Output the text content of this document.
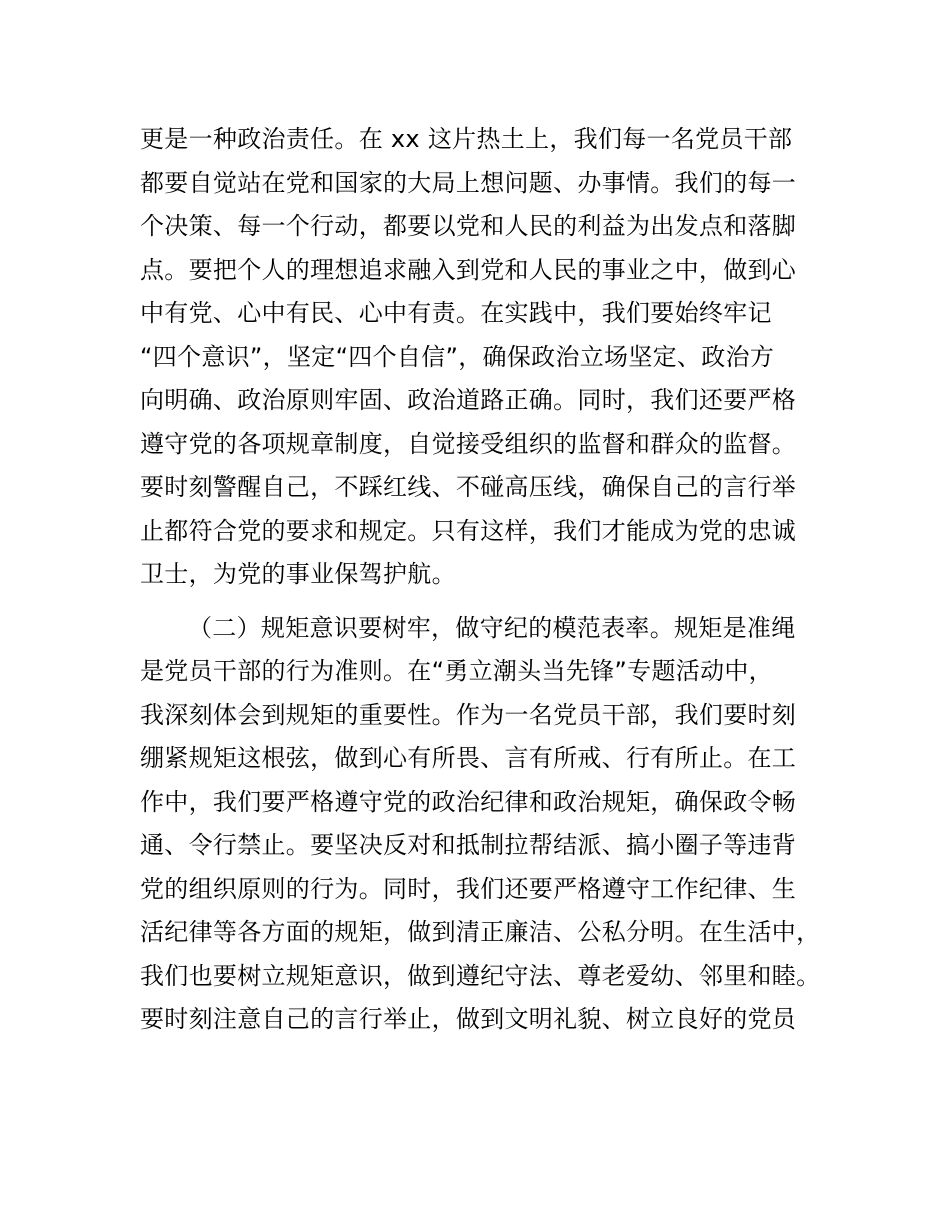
更是一种政治责任。在 xx 这片热土上，我们每一名党员干部
都要自觉站在党和国家的大局上想问题、办事情。我们的每一
个决策、每一个行动，都要以党和人民的利益为出发点和落脚
点。要把个人的理想追求融入到党和人民的事业之中，做到心
中有党、心中有民、心中有责。在实践中，我们要始终牢记
“四个意识”，坚定“四个自信”，确保政治立场坚定、政治方
向明确、政治原则牢固、政治道路正确。同时，我们还要严格
遵守党的各项规章制度，自觉接受组织的监督和群众的监督。
要时刻警醒自己，不踩红线、不碰高压线，确保自己的言行举
止都符合党的要求和规定。只有这样，我们才能成为党的忠诚
卫士，为党的事业保驾护航。
（二）规矩意识要树牢，做守纪的模范表率。规矩是准绳
是党员干部的行为准则。在“勇立潮头当先锋”专题活动中，
我深刻体会到规矩的重要性。作为一名党员干部，我们要时刻
绷紧规矩这根弦，做到心有所畏、言有所戒、行有所止。在工
作中，我们要严格遵守党的政治纪律和政治规矩，确保政令畅
通、令行禁止。要坚决反对和抵制拉帮结派、搞小圈子等违背
党的组织原则的行为。同时，我们还要严格遵守工作纪律、生
活纪律等各方面的规矩，做到清正廉洁、公私分明。在生活中，
我们也要树立规矩意识，做到遵纪守法、尊老爱幼、邻里和睦。
要时刻注意自己的言行举止，做到文明礼貌、树立良好的党员
